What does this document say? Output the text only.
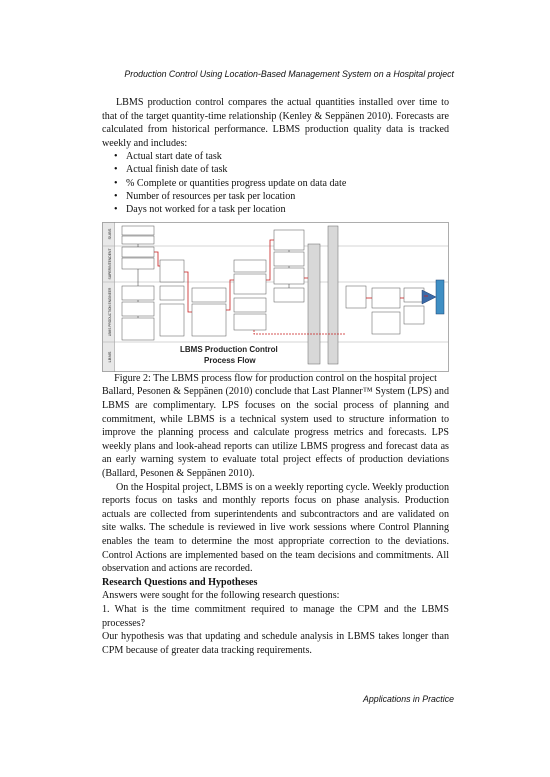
Production Control Using Location-Based Management System on a Hospital project

LBMS production control compares the actual quantities installed over time to that of the target quantity-time relationship (Kenley & Seppänen 2010). Forecasts are calculated from historical performance. LBMS production quality data is tracked weekly and includes:

• Actual start date of task
• Actual finish date of task
• % Complete or quantities progress update on data date
• Number of resources per task per location
• Days not worked for a task per location
SUBS
SUPERINTENDENT
LBMS PRODUCTION ENGINEER
LBMS
LBMS Production Control
Process Flow

Figure 2: The LBMS process flow for production control on the hospital project

Ballard, Pesonen & Seppänen (2010) conclude that Last Planner™ System (LPS) and LBMS are complimentary. LPS focuses on the social process of planning and commitment, while LBMS is a technical system used to structure information to improve the planning process and calculate progress metrics and forecasts. LPS weekly plans and look-ahead reports can utilize LBMS progress and forecast data as an early warning system to evaluate total project effects of production deviations (Ballard, Pesonen & Seppänen 2010).

On the Hospital project, LBMS is on a weekly reporting cycle. Weekly production reports focus on tasks and monthly reports focus on phase analysis. Production actuals are collected from superintendents and subcontractors and are validated on site walks. The schedule is reviewed in live work sessions where Control Planning enables the team to determine the most appropriate correction to the deviations. Control Actions are implemented based on the team decisions and commitments. All observation and actions are recorded.

Research Questions and Hypotheses

Answers were sought for the following research questions:

1. What is the time commitment required to manage the CPM and the LBMS processes?

Our hypothesis was that updating and schedule analysis in LBMS takes longer than CPM because of greater data tracking requirements.

Applications in Practice
